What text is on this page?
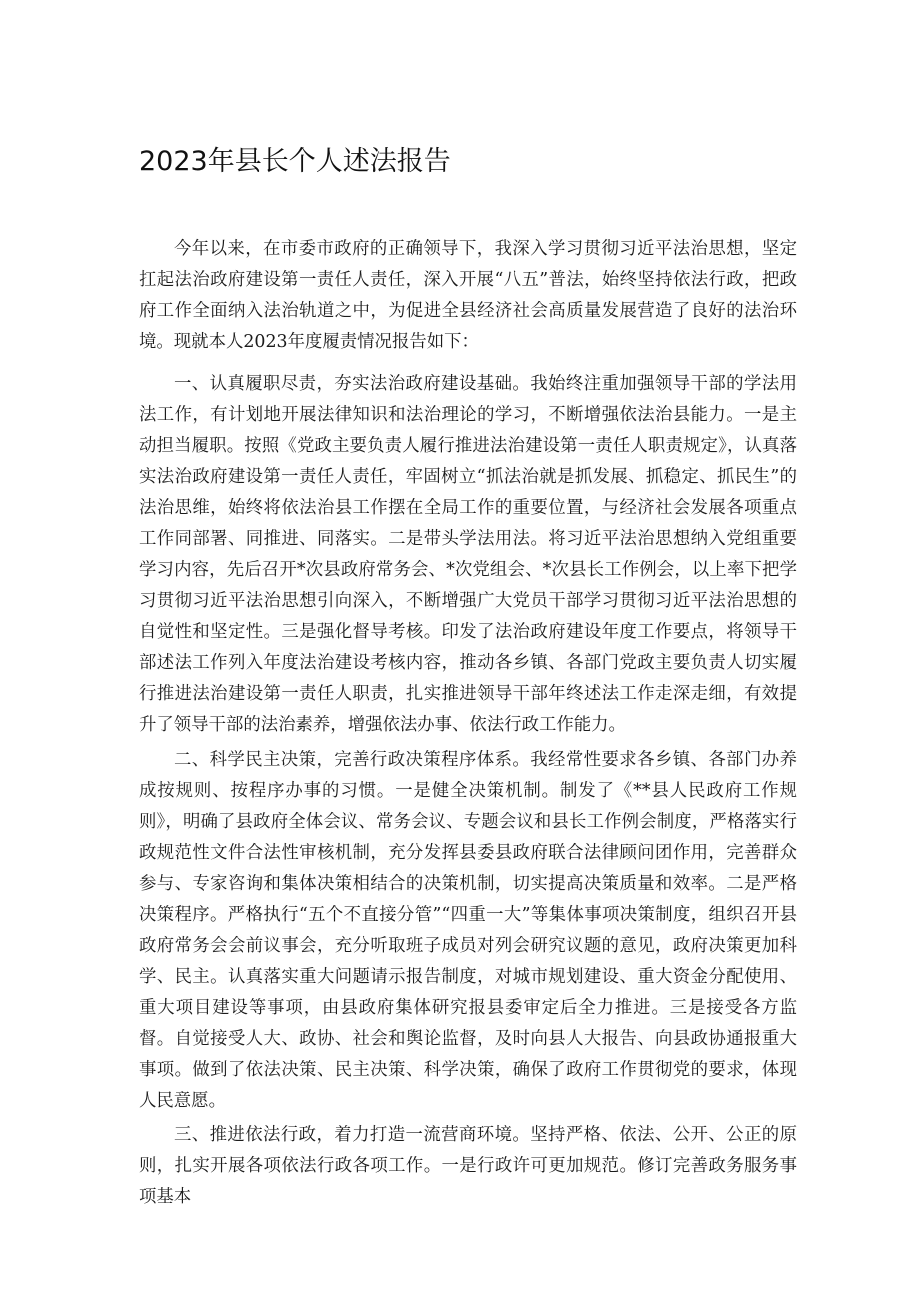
2023年县长个人述法报告

今年以来，在市委市政府的正确领导下，我深入学习贯彻习近平法治思想，坚定扛起法治政府建设第一责任人责任，深入开展“八五”普法，始终坚持依法行政，把政府工作全面纳入法治轨道之中，为促进全县经济社会高质量发展营造了良好的法治环境。现就本人2023年度履责情况报告如下：

一、认真履职尽责，夯实法治政府建设基础。我始终注重加强领导干部的学法用法工作，有计划地开展法律知识和法治理论的学习，不断增强依法治县能力。一是主动担当履职。按照《党政主要负责人履行推进法治建设第一责任人职责规定》，认真落实法治政府建设第一责任人责任，牢固树立“抓法治就是抓发展、抓稳定、抓民生”的法治思维，始终将依法治县工作摆在全局工作的重要位置，与经济社会发展各项重点工作同部署、同推进、同落实。二是带头学法用法。将习近平法治思想纳入党组重要学习内容，先后召开*次县政府常务会、*次党组会、*次县长工作例会，以上率下把学习贯彻习近平法治思想引向深入，不断增强广大党员干部学习贯彻习近平法治思想的自觉性和坚定性。三是强化督导考核。印发了法治政府建设年度工作要点，将领导干部述法工作列入年度法治建设考核内容，推动各乡镇、各部门党政主要负责人切实履行推进法治建设第一责任人职责，扎实推进领导干部年终述法工作走深走细，有效提升了领导干部的法治素养，增强依法办事、依法行政工作能力。

二、科学民主决策，完善行政决策程序体系。我经常性要求各乡镇、各部门办养成按规则、按程序办事的习惯。一是健全决策机制。制发了《**县人民政府工作规则》，明确了县政府全体会议、常务会议、专题会议和县长工作例会制度，严格落实行政规范性文件合法性审核机制，充分发挥县委县政府联合法律顾问团作用，完善群众参与、专家咨询和集体决策相结合的决策机制，切实提高决策质量和效率。二是严格决策程序。严格执行“五个不直接分管”“四重一大”等集体事项决策制度，组织召开县政府常务会会前议事会，充分听取班子成员对列会研究议题的意见，政府决策更加科学、民主。认真落实重大问题请示报告制度，对城市规划建设、重大资金分配使用、重大项目建设等事项，由县政府集体研究报县委审定后全力推进。三是接受各方监督。自觉接受人大、政协、社会和舆论监督，及时向县人大报告、向县政协通报重大事项。做到了依法决策、民主决策、科学决策，确保了政府工作贯彻党的要求，体现人民意愿。

三、推进依法行政，着力打造一流营商环境。坚持严格、依法、公开、公正的原则，扎实开展各项依法行政各项工作。一是行政许可更加规范。修订完善政务服务事项基本
